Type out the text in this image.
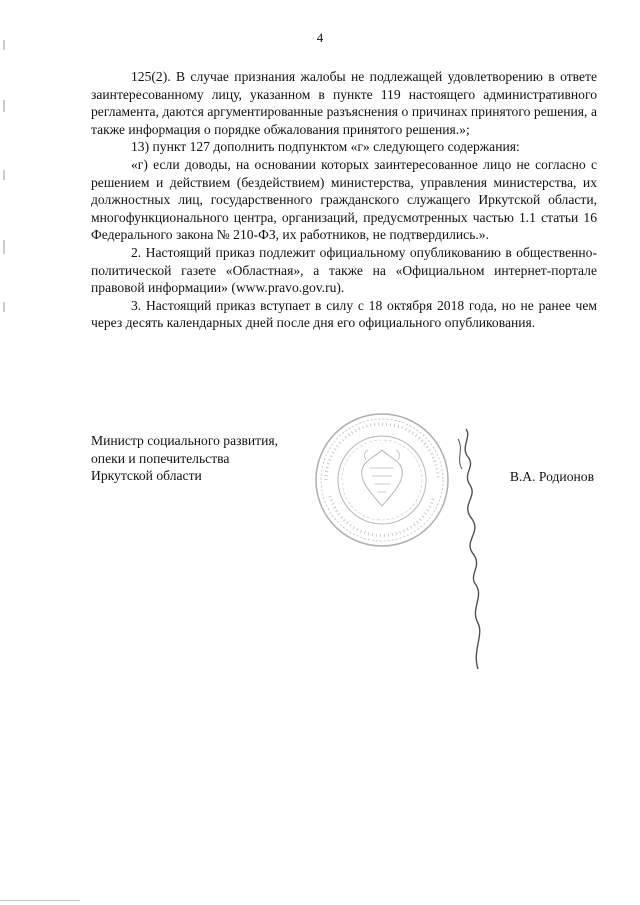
4

125(2). В случае признания жалобы не подлежащей удовлетворению в ответе заинтересованному лицу, указанном в пункте 119 настоящего административного регламента, даются аргументированные разъяснения о причинах принятого решения, а также информация о порядке обжалования принятого решения.»;

13) пункт 127 дополнить подпунктом «г» следующего содержания:

«г) если доводы, на основании которых заинтересованное лицо не согласно с решением и действием (бездействием) министерства, управления министерства, их должностных лиц, государственного гражданского служащего Иркутской области, многофункционального центра, организаций, предусмотренных частью 1.1 статьи 16 Федерального закона № 210-ФЗ, их работников, не подтвердились.».

2. Настоящий приказ подлежит официальному опубликованию в общественно-политической газете «Областная», а также на «Официальном интернет-портале правовой информации» (www.pravo.gov.ru).

3. Настоящий приказ вступает в силу с 18 октября 2018 года, но не ранее чем через десять календарных дней после дня его официального опубликования.

Министр социального развития,
опеки и попечительства
Иркутской области	В.А. Родионов
